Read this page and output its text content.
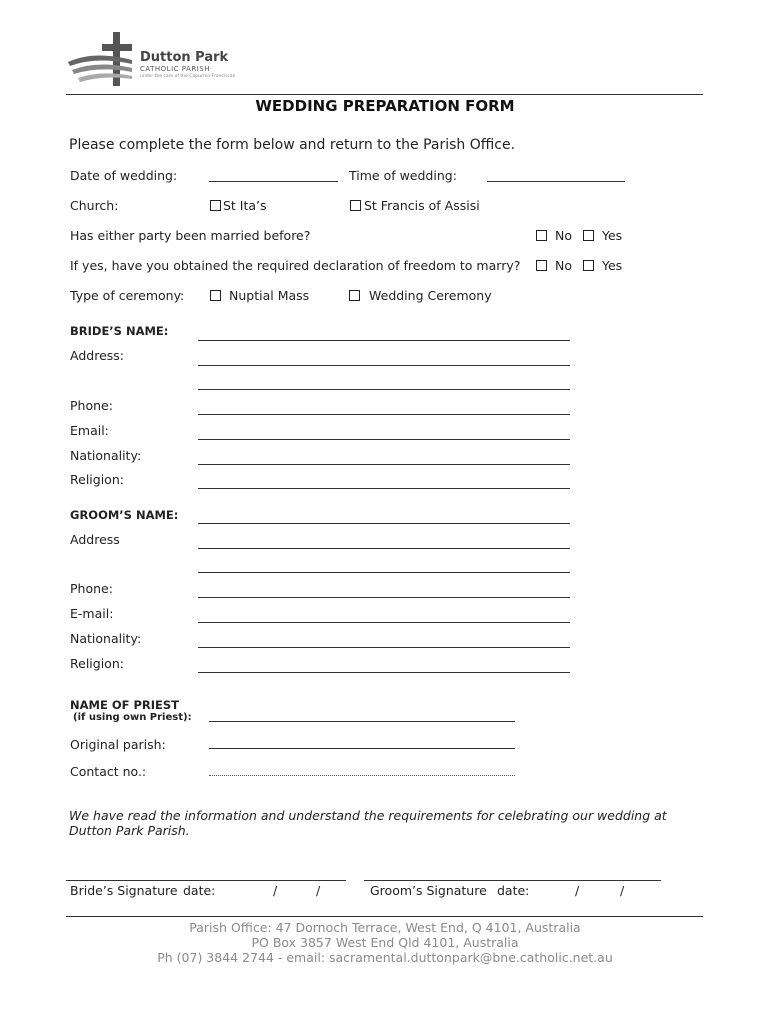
Dutton Park
CATHOLIC PARISH
under the care of the Capuchin Franciscan
WEDDING PREPARATION FORM
Please complete the form below and return to the Parish Office.
Date of wedding:	Time of wedding:
Church:	St Ita’s	St Francis of Assisi
Has either party been married before?	No Yes
If yes, have you obtained the required declaration of freedom to marry?	No Yes
Type of ceremony:	Nuptial Mass	Wedding Ceremony
BRIDE’S NAME:
Address:
Phone:
Email:
Nationality:
Religion:
GROOM’S NAME:
Address
Phone:
E-mail:
Nationality:
Religion:
NAME OF PRIEST
(if using own Priest):
Original parish:
Contact no.:
We have read the information and understand the requirements for celebrating our wedding at Dutton Park Parish.
Bride’s Signature date:	/	/	Groom’s Signature date:	/	/
Parish Office: 47 Dornoch Terrace, West End, Q 4101, Australia
PO Box 3857 West End Qld 4101, Australia
Ph (07) 3844 2744 - email: sacramental.duttonpark@bne.catholic.net.au
